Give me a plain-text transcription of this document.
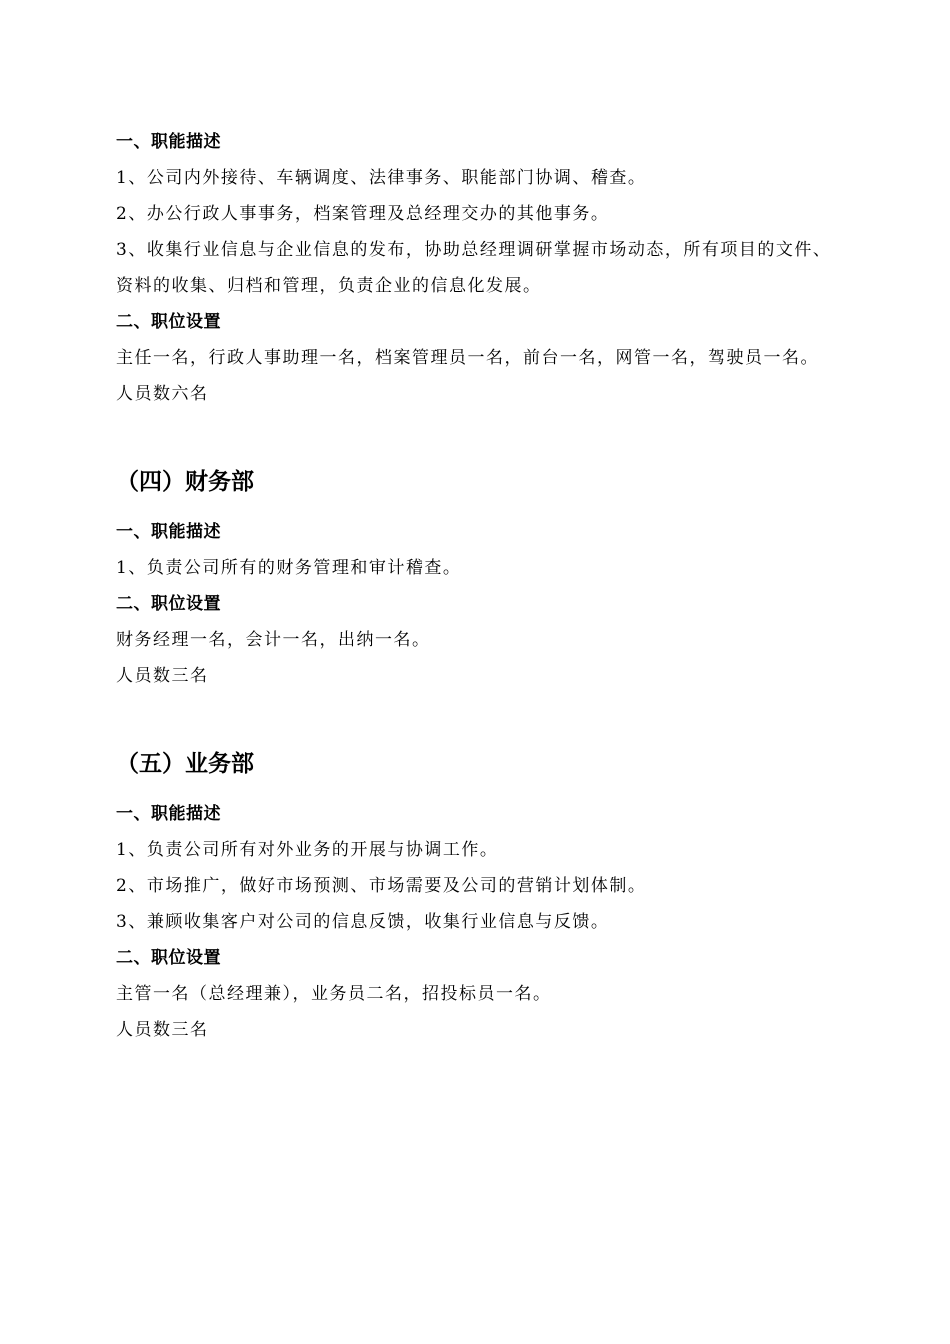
一、职能描述

1、公司内外接待、车辆调度、法律事务、职能部门协调、稽查。

2、办公行政人事事务，档案管理及总经理交办的其他事务。

3、收集行业信息与企业信息的发布，协助总经理调研掌握市场动态，所有项目的文件、

资料的收集、归档和管理，负责企业的信息化发展。

二、职位设置

主任一名，行政人事助理一名，档案管理员一名，前台一名，网管一名，驾驶员一名。

人员数六名

（四）财务部

一、职能描述

1、负责公司所有的财务管理和审计稽查。

二、职位设置

财务经理一名，会计一名，出纳一名。

人员数三名

（五）业务部

一、职能描述

1、负责公司所有对外业务的开展与协调工作。

2、市场推广，做好市场预测、市场需要及公司的营销计划体制。

3、兼顾收集客户对公司的信息反馈，收集行业信息与反馈。

二、职位设置

主管一名（总经理兼），业务员二名，招投标员一名。

人员数三名
